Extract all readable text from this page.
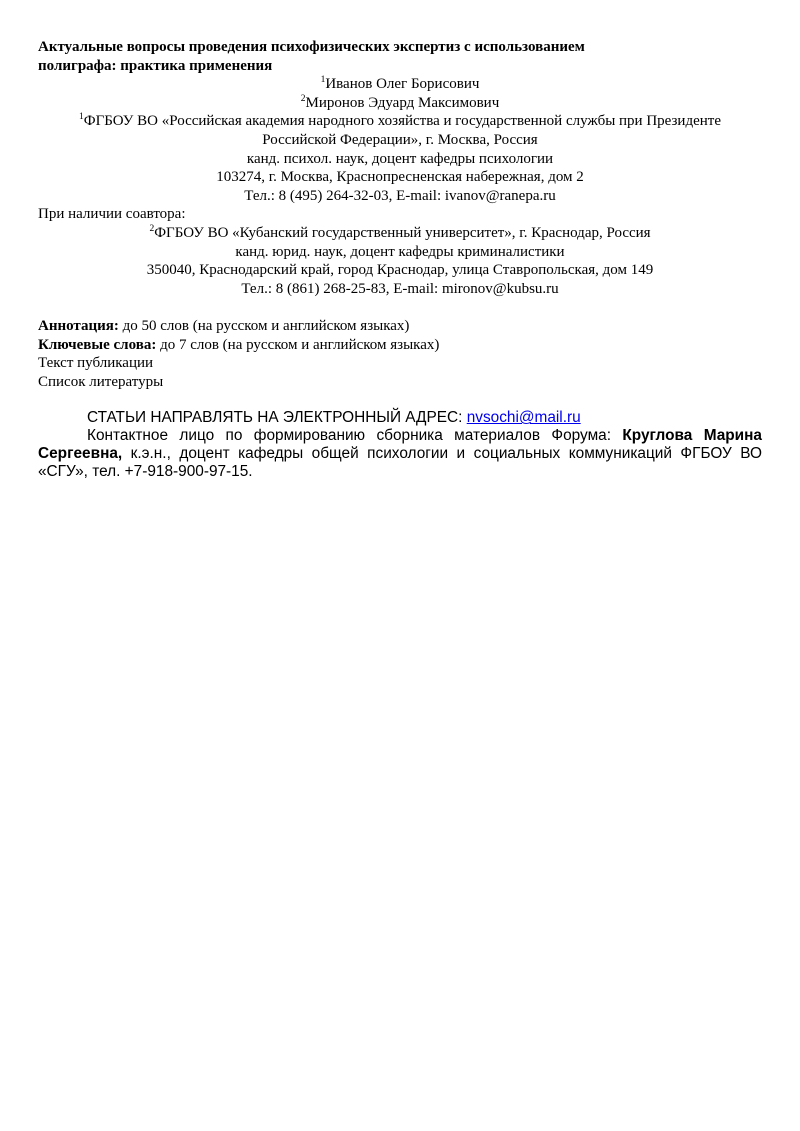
Актуальные вопросы проведения психофизических экспертиз с использованием
полиграфа: практика применения
$^1$Иванов Олег Борисович
$^2$Миронов Эдуард Максимович
$^1$ФГБОУ ВО «Российская академия народного хозяйства и государственной службы при Президенте
Российской Федерации», г. Москва, Россия
канд. психол. наук, доцент кафедры психологии
103274, г. Москва, Краснопресненская набережная, дом 2
Тел.: 8 (495) 264-32-03, E-mail: ivanov@ranepa.ru
При наличии соавтора:
$^2$ФГБОУ ВО «Кубанский государственный университет», г. Краснодар, Россия
канд. юрид. наук, доцент кафедры криминалистики
350040, Краснодарский край, город Краснодар, улица Ставропольская, дом 149
Тел.: 8 (861) 268-25-83, E-mail: mironov@kubsu.ru
Аннотация: до 50 слов (на русском и английском языках)
Ключевые слова: до 7 слов (на русском и английском языках)
Текст публикации
Список литературы
СТАТЬИ НАПРАВЛЯТЬ НА ЭЛЕКТРОННЫЙ АДРЕС: nvsochi@mail.ru
Контактное лицо по формированию сборника материалов Форума: Круглова Марина Сергеевна, к.э.н., доцент кафедры общей психологии и социальных коммуникаций ФГБОУ ВО «СГУ», тел. +7-918-900-97-15.
